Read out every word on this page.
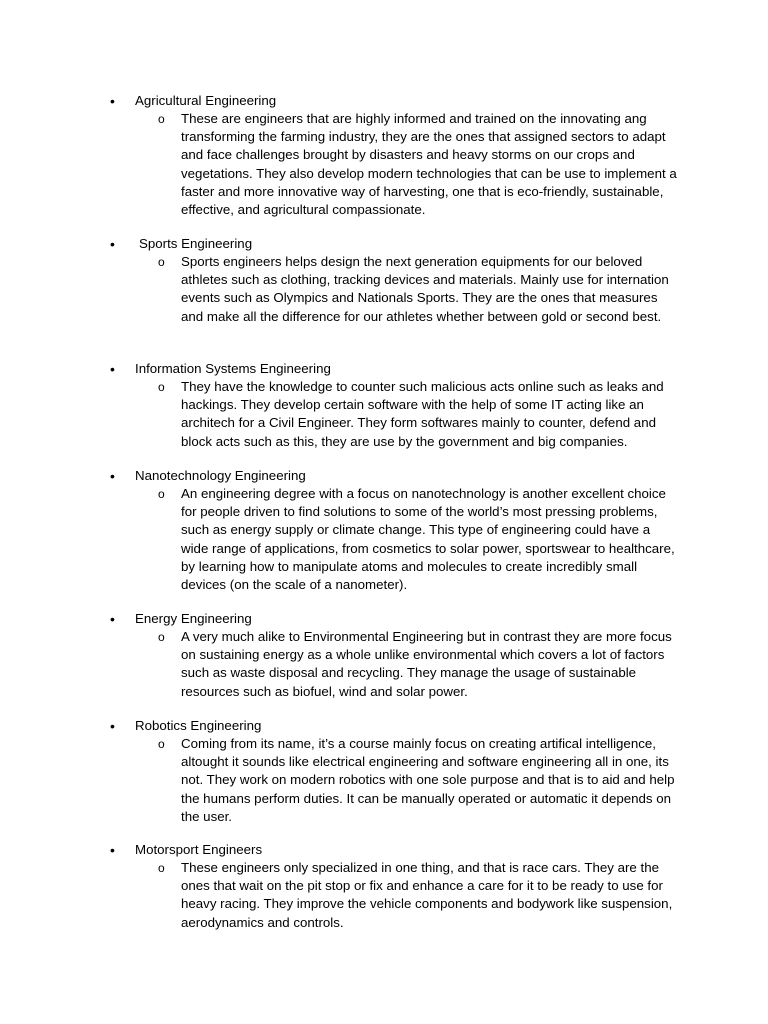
• Agricultural Engineering
o These are engineers that are highly informed and trained on the innovating ang transforming the farming industry, they are the ones that assigned sectors to adapt and face challenges brought by disasters and heavy storms on our crops and vegetations. They also develop modern technologies that can be use to implement a faster and more innovative way of harvesting, one that is eco-friendly, sustainable, effective, and agricultural compassionate.
• Sports Engineering
o Sports engineers helps design the next generation equipments for our beloved athletes such as clothing, tracking devices and materials. Mainly use for internation events such as Olympics and Nationals Sports. They are the ones that measures and make all the difference for our athletes whether between gold or second best.
• Information Systems Engineering
o They have the knowledge to counter such malicious acts online such as leaks and hackings. They develop certain software with the help of some IT acting like an architech for a Civil Engineer. They form softwares mainly to counter, defend and block acts such as this, they are use by the government and big companies.
• Nanotechnology Engineering
o An engineering degree with a focus on nanotechnology is another excellent choice for people driven to find solutions to some of the world’s most pressing problems, such as energy supply or climate change. This type of engineering could have a wide range of applications, from cosmetics to solar power, sportswear to healthcare, by learning how to manipulate atoms and molecules to create incredibly small devices (on the scale of a nanometer).
• Energy Engineering
o A very much alike to Environmental Engineering but in contrast they are more focus on sustaining energy as a whole unlike environmental which covers a lot of factors such as waste disposal and recycling. They manage the usage of sustainable resources such as biofuel, wind and solar power.
• Robotics Engineering
o Coming from its name, it’s a course mainly focus on creating artifical intelligence, altought it sounds like electrical engineering and software engineering all in one, its not. They work on modern robotics with one sole purpose and that is to aid and help the humans perform duties. It can be manually operated or automatic it depends on the user.
• Motorsport Engineers
o These engineers only specialized in one thing, and that is race cars. They are the ones that wait on the pit stop or fix and enhance a care for it to be ready to use for heavy racing. They improve the vehicle components and bodywork like suspension, aerodynamics and controls.
